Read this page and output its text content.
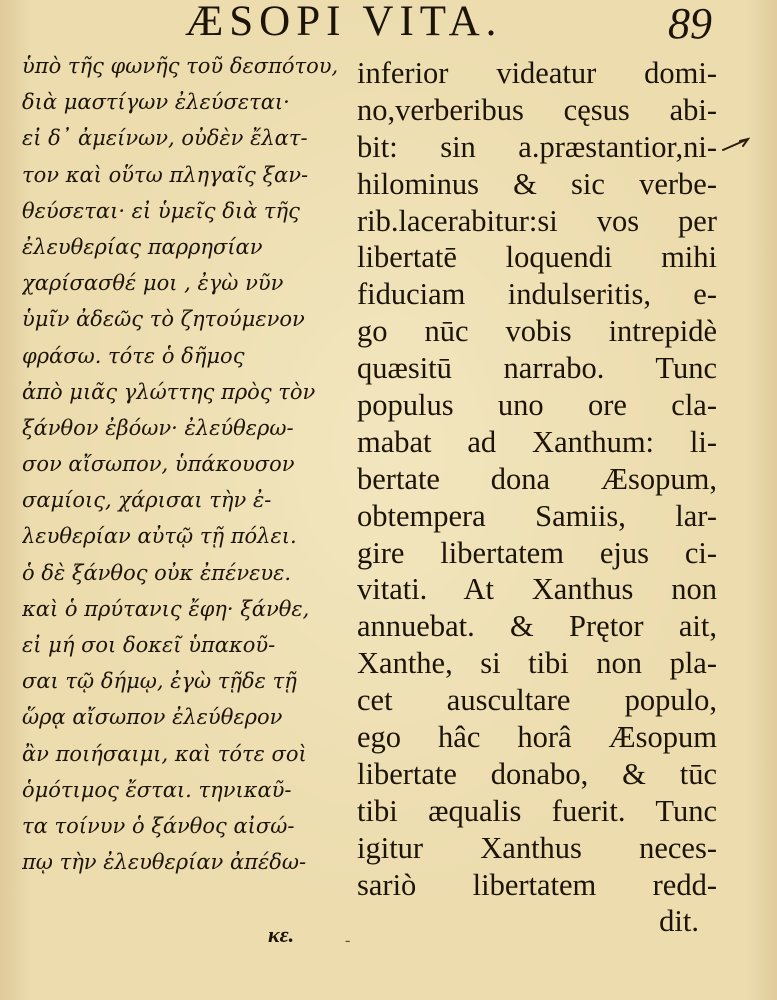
ÆSOPI VITA.	89
ὑπὸ τῆς φωνῆς τοῦ δεσπότου,
διὰ μαστίγων ἐλεύσεται·
εἰ δ᾽ ἀμείνων, οὐδὲν ἔλατ-
τον καὶ οὕτω πληγαῖς ξαν-
θεύσεται· εἰ ὑμεῖς διὰ τῆς
ἐλευθερίας παρρησίαν
χαρίσασθέ μοι , ἐγὼ νῦν
ὑμῖν ἀδεῶς τὸ ζητούμενον
φράσω. τότε ὁ δῆμος
ἀπὸ μιᾶς γλώττης πρὸς τὸν
ξάνθον ἐβόων· ἐλεύθερω-
σον αἴσωπον, ὑπάκουσον
σαμίοις, χάρισαι τὴν ἐ-
λευθερίαν αὐτῷ τῇ πόλει.
ὁ δὲ ξάνθος οὐκ ἐπένευε.
καὶ ὁ πρύτανις ἔφη· ξάνθε,
εἰ μή σοι δοκεῖ ὑπακοῦ-
σαι τῷ δήμῳ, ἐγὼ τῇδε τῇ
ὥρᾳ αἴσωπον ἐλεύθερον
ἂν ποιήσαιμι, καὶ τότε σοὶ
ὁμότιμος ἔσται. τηνικαῦ-
τα τοίνυν ὁ ξάνθος αἰσώ-
πῳ τὴν ἐλευθερίαν ἀπέδω-
κε.
inferior videatur domi-
no,verberibus cęsus abi-
bit: sin a.præstantior,ni-
hilominus & sic verbe-
rib.lacerabitur:si vos per
libertatē loquendi mihi
fiduciam indulseritis, e-
go nūc vobis intrepidè
quæsitū narrabo. Tunc
populus uno ore cla-
mabat ad Xanthum: li-
bertate dona Æsopum,
obtempera Samiis, lar-
gire libertatem ejus ci-
vitati. At Xanthus non
annuebat. & Prętor ait,
Xanthe, si tibi non pla-
cet auscultare populo,
ego hâc horâ Æsopum
libertate donabo, & tūc
tibi æqualis fuerit. Tunc
igitur Xanthus neces-
sariò libertatem redd-
dit.
-
